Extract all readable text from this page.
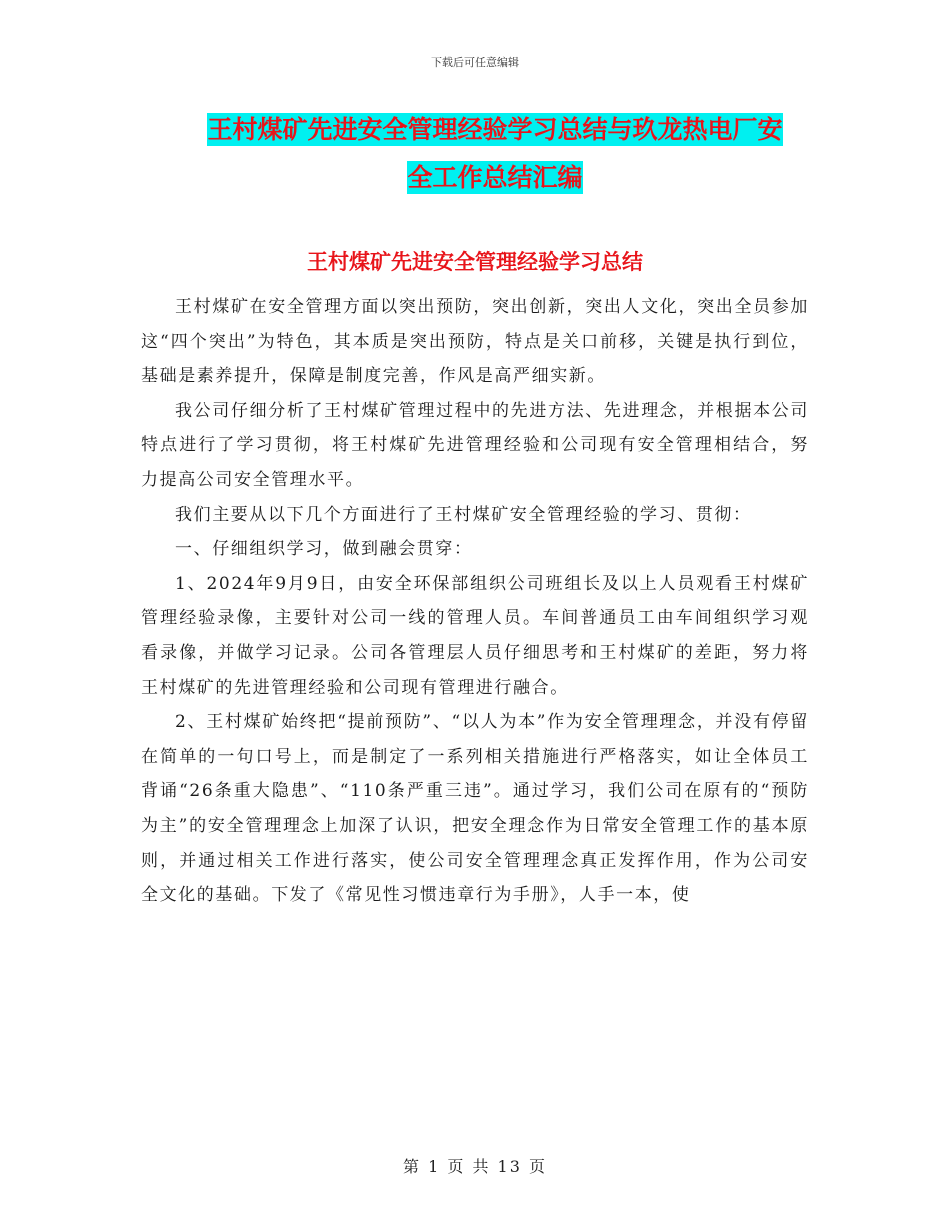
下载后可任意编辑
王村煤矿先进安全管理经验学习总结与玖龙热电厂安
全工作总结汇编
王村煤矿先进安全管理经验学习总结

王村煤矿在安全管理方面以突出预防，突出创新，突出人文化，突出全员参加这“四个突出”为特色，其本质是突出预防，特点是关口前移，关键是执行到位，基础是素养提升，保障是制度完善，作风是高严细实新。

我公司仔细分析了王村煤矿管理过程中的先进方法、先进理念，并根据本公司特点进行了学习贯彻，将王村煤矿先进管理经验和公司现有安全管理相结合，努力提高公司安全管理水平。

我们主要从以下几个方面进行了王村煤矿安全管理经验的学习、贯彻：

一、仔细组织学习，做到融会贯穿：

1、2024年9月9日，由安全环保部组织公司班组长及以上人员观看王村煤矿管理经验录像，主要针对公司一线的管理人员。车间普通员工由车间组织学习观看录像，并做学习记录。公司各管理层人员仔细思考和王村煤矿的差距，努力将王村煤矿的先进管理经验和公司现有管理进行融合。

2、王村煤矿始终把“提前预防”、“以人为本”作为安全管理理念，并没有停留在简单的一句口号上，而是制定了一系列相关措施进行严格落实，如让全体员工背诵“26条重大隐患”、“110条严重三违”。通过学习，我们公司在原有的“预防为主”的安全管理理念上加深了认识，把安全理念作为日常安全管理工作的基本原则，并通过相关工作进行落实，使公司安全管理理念真正发挥作用，作为公司安全文化的基础。下发了《常见性习惯违章行为手册》，人手一本，使

第 1 页 共 13 页
